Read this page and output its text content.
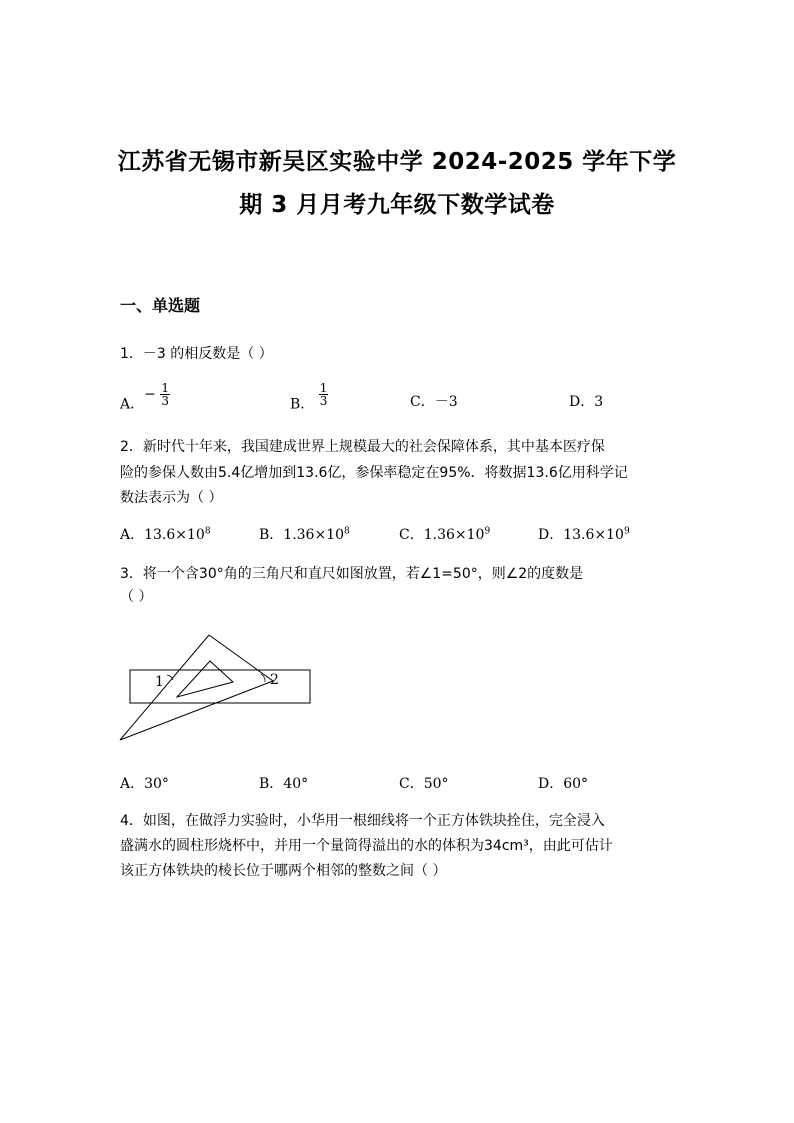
江苏省无锡市新吴区实验中学 2024-2025 学年下学
期 3 月月考九年级下数学试卷
一、单选题
1．－3 的相反数是（ ）
A．− $\frac{1}{3}$	B． $\frac{1}{3}$	C．－3	D．3
2．新时代十年来，我国建成世界上规模最大的社会保障体系，其中基本医疗保
险的参保人数由5.4亿增加到13.6亿，参保率稳定在95%．将数据13.6亿用科学记
数法表示为（ ）
A．$13.6\times 10^8$	B．$1.36\times 10^8$	C．$1.36\times 10^9$	D．$13.6\times 10^9$
3．将一个含30°角的三角尺和直尺如图放置，若∠1=50°，则∠2的度数是
（ ）
1	2
A．30°	B．40°	C．50°	D．60°
4．如图，在做浮力实验时，小华用一根细线将一个正方体铁块拴住，完全浸入
盛满水的圆柱形烧杯中，并用一个量筒得溢出的水的体积为34cm³，由此可估计
该正方体铁块的棱长位于哪两个相邻的整数之间（ ）
